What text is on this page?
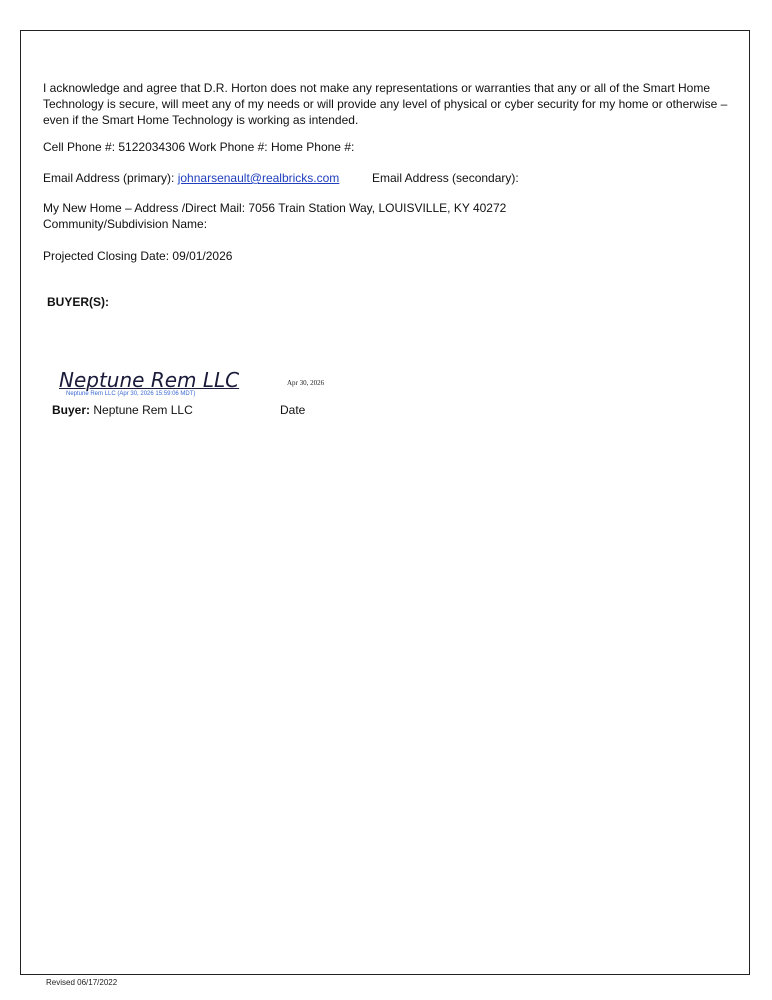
I acknowledge and agree that D.R. Horton does not make any representations or warranties that any or all of the Smart Home Technology is secure, will meet any of my needs or will provide any level of physical or cyber security for my home or otherwise – even if the Smart Home Technology is working as intended.

Cell Phone #: 5122034306 Work Phone #: Home Phone #:
Email Address (primary): johnarsenault@realbricks.com	Email Address (secondary):
My New Home – Address /Direct Mail: 7056 Train Station Way, LOUISVILLE, KY 40272
Community/Subdivision Name:
Projected Closing Date: 09/01/2026
BUYER(S):
Neptune Rem LLC
Neptune Rem LLC (Apr 30, 2026 15:59:06 MDT)
Apr 30, 2026
Buyer: Neptune Rem LLC	Date
Revised 06/17/2022
